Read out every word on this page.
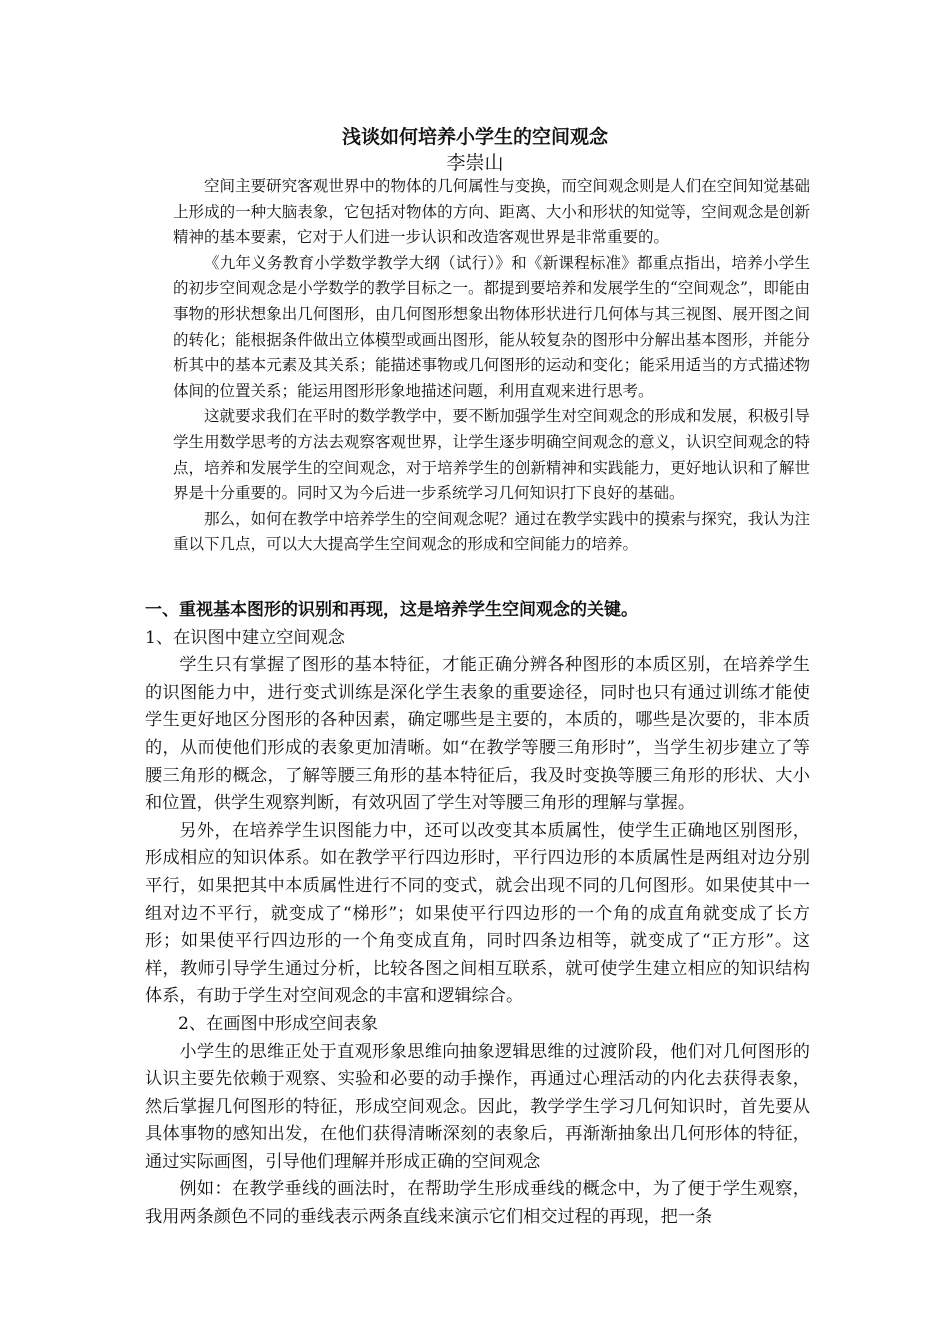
浅谈如何培养小学生的空间观念
李崇山

空间主要研究客观世界中的物体的几何属性与变换，而空间观念则是人们在空间知觉基础上形成的一种大脑表象，它包括对物体的方向、距离、大小和形状的知觉等，空间观念是创新精神的基本要素，它对于人们进一步认识和改造客观世界是非常重要的。

《九年义务教育小学数学教学大纲（试行）》和《新课程标准》都重点指出，培养小学生的初步空间观念是小学数学的教学目标之一。都提到要培养和发展学生的“空间观念”，即能由事物的形状想象出几何图形，由几何图形想象出物体形状进行几何体与其三视图、展开图之间的转化；能根据条件做出立体模型或画出图形，能从较复杂的图形中分解出基本图形，并能分析其中的基本元素及其关系；能描述事物或几何图形的运动和变化；能采用适当的方式描述物体间的位置关系；能运用图形形象地描述问题，利用直观来进行思考。

这就要求我们在平时的数学教学中，要不断加强学生对空间观念的形成和发展，积极引导学生用数学思考的方法去观察客观世界，让学生逐步明确空间观念的意义，认识空间观念的特点，培养和发展学生的空间观念，对于培养学生的创新精神和实践能力，更好地认识和了解世界是十分重要的。同时又为今后进一步系统学习几何知识打下良好的基础。

那么，如何在教学中培养学生的空间观念呢？通过在教学实践中的摸索与探究，我认为注重以下几点，可以大大提高学生空间观念的形成和空间能力的培养。

一、重视基本图形的识别和再现，这是培养学生空间观念的关键。

1、在识图中建立空间观念

学生只有掌握了图形的基本特征，才能正确分辨各种图形的本质区别，在培养学生的识图能力中，进行变式训练是深化学生表象的重要途径，同时也只有通过训练才能使学生更好地区分图形的各种因素，确定哪些是主要的，本质的，哪些是次要的，非本质的，从而使他们形成的表象更加清晰。如“在教学等腰三角形时”，当学生初步建立了等腰三角形的概念，了解等腰三角形的基本特征后，我及时变换等腰三角形的形状、大小和位置，供学生观察判断，有效巩固了学生对等腰三角形的理解与掌握。

另外，在培养学生识图能力中，还可以改变其本质属性，使学生正确地区别图形，形成相应的知识体系。如在教学平行四边形时，平行四边形的本质属性是两组对边分别平行，如果把其中本质属性进行不同的变式，就会出现不同的几何图形。如果使其中一组对边不平行，就变成了“梯形”；如果使平行四边形的一个角的成直角就变成了长方形；如果使平行四边形的一个角变成直角，同时四条边相等，就变成了“正方形”。这样，教师引导学生通过分析，比较各图之间相互联系，就可使学生建立相应的知识结构体系，有助于学生对空间观念的丰富和逻辑综合。

2、在画图中形成空间表象

小学生的思维正处于直观形象思维向抽象逻辑思维的过渡阶段，他们对几何图形的认识主要先依赖于观察、实验和必要的动手操作，再通过心理活动的内化去获得表象，然后掌握几何图形的特征，形成空间观念。因此，教学学生学习几何知识时，首先要从具体事物的感知出发，在他们获得清晰深刻的表象后，再渐渐抽象出几何形体的特征，通过实际画图，引导他们理解并形成正确的空间观念

例如：在教学垂线的画法时，在帮助学生形成垂线的概念中，为了便于学生观察，我用两条颜色不同的垂线表示两条直线来演示它们相交过程的再现，把一条
